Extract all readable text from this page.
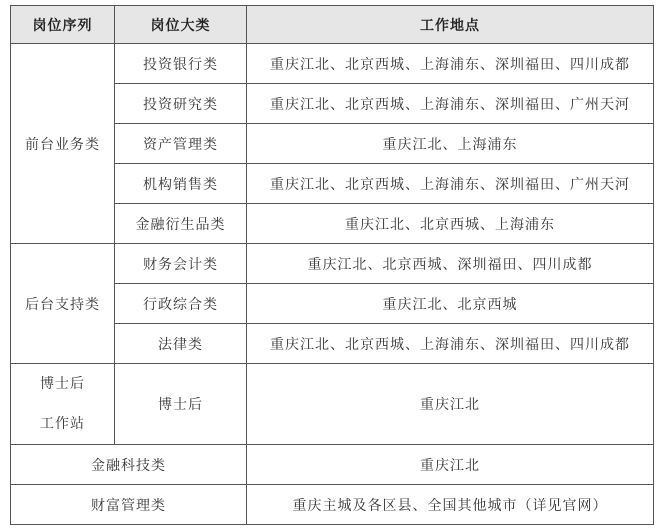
岗位序列	岗位大类	工作地点
前台业务类	投资银行类	重庆江北、北京西城、上海浦东、深圳福田、四川成都
	投资研究类	重庆江北、北京西城、上海浦东、深圳福田、广州天河
	资产管理类	重庆江北、上海浦东
	机构销售类	重庆江北、北京西城、上海浦东、深圳福田、广州天河
	金融衍生品类	重庆江北、北京西城、上海浦东
后台支持类	财务会计类	重庆江北、北京西城、深圳福田、四川成都
	行政综合类	重庆江北、北京西城
	法律类	重庆江北、北京西城、上海浦东、深圳福田、四川成都

博士后
工作站	博士后	重庆江北
金融科技类		重庆江北
财富管理类		重庆主城及各区县、全国其他城市（详见官网）
